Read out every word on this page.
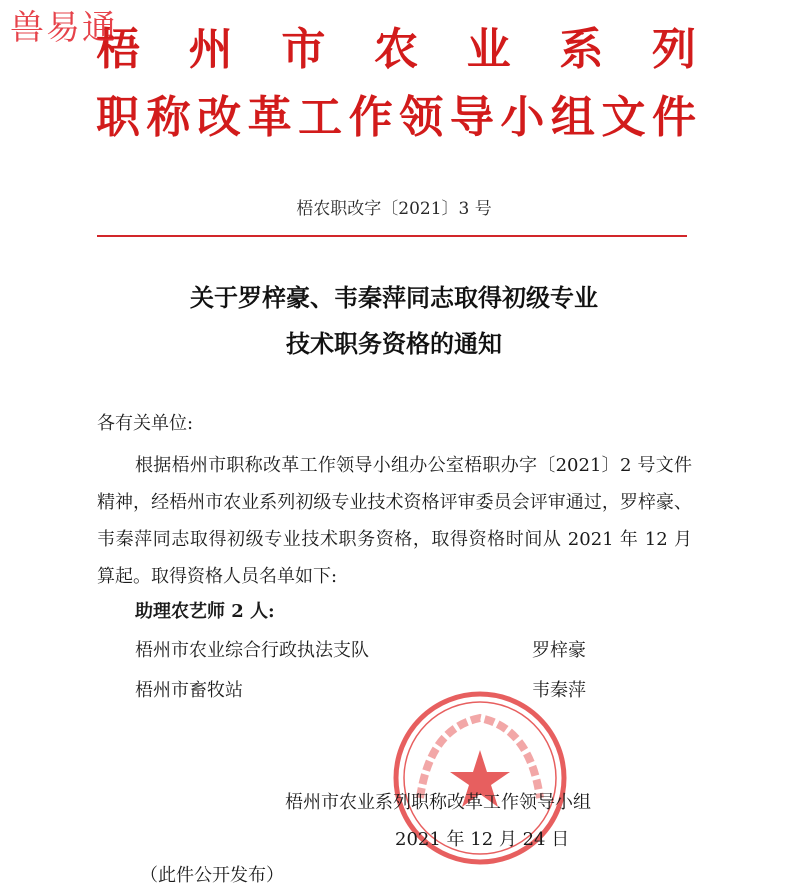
兽易通
梧州市农业系列
职称改革工作领导小组文件
梧农职改字〔2021〕3 号
关于罗梓豪、韦秦萍同志取得初级专业
技术职务资格的通知
各有关单位:
根据梧州市职称改革工作领导小组办公室梧职办字〔2021〕2 号文件精神，经梧州市农业系列初级专业技术资格评审委员会评审通过，罗梓豪、韦秦萍同志取得初级专业技术职务资格，取得资格时间从 2021 年 12 月算起。取得资格人员名单如下:
助理农艺师 2 人:
梧州市农业综合行政执法支队	罗梓豪
梧州市畜牧站	韦秦萍
梧州市农业系列职称改革工作领导小组
2021 年 12 月 24 日
（此件公开发布）
